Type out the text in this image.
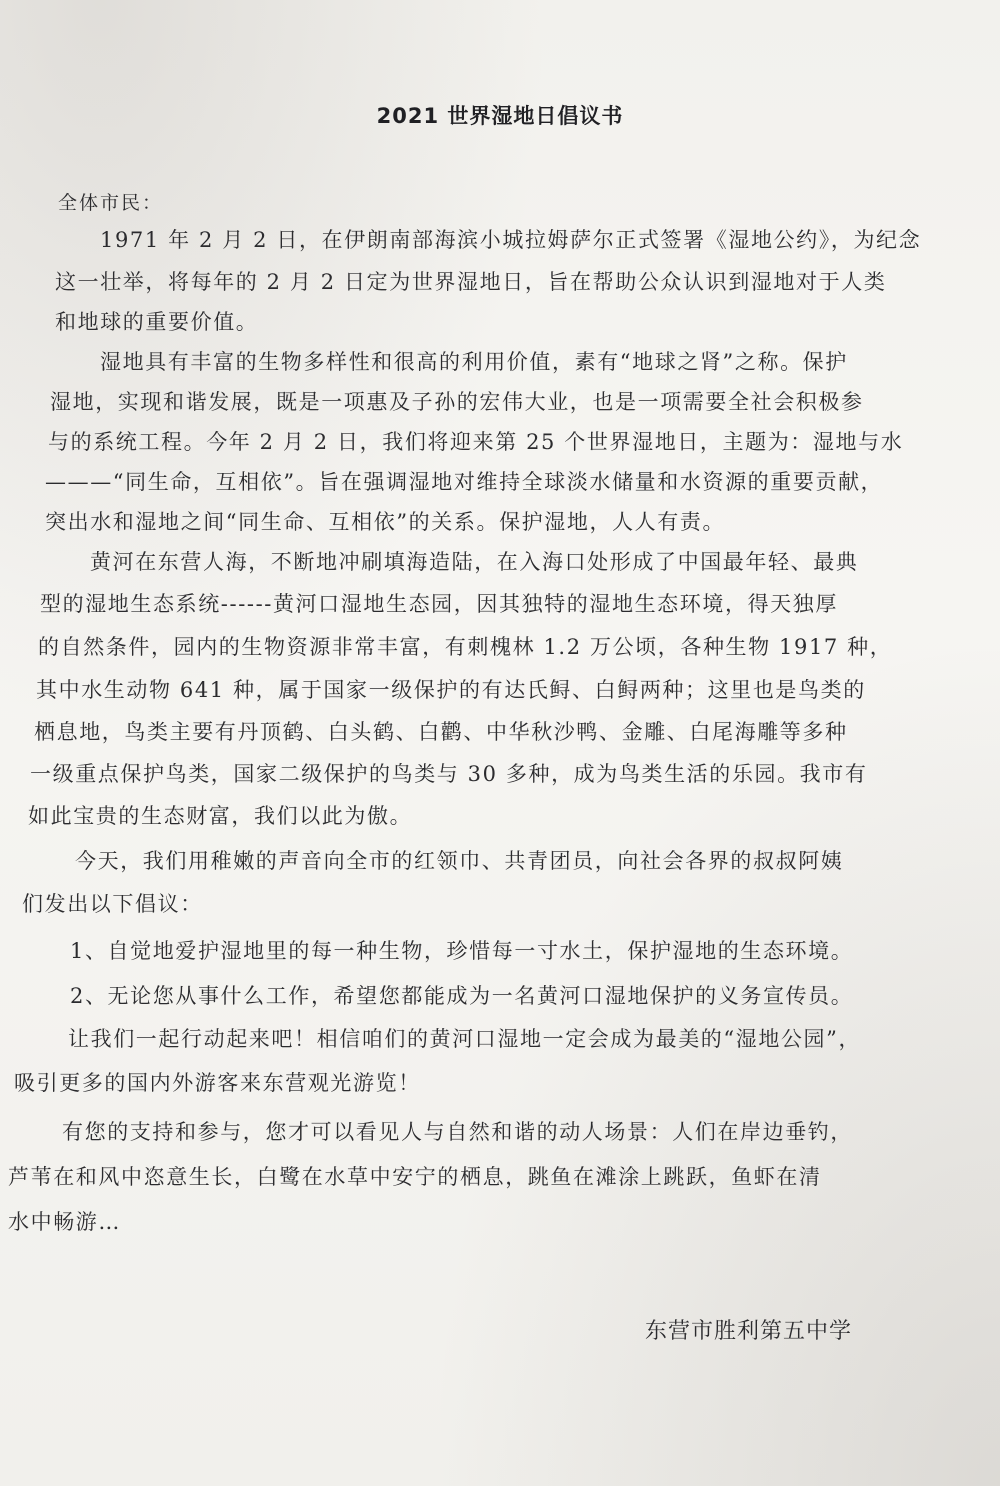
2021 世界湿地日倡议书
全体市民：
1971 年 2 月 2 日，在伊朗南部海滨小城拉姆萨尔正式签署《湿地公约》，为纪念
这一壮举，将每年的 2 月 2 日定为世界湿地日，旨在帮助公众认识到湿地对于人类
和地球的重要价值。
湿地具有丰富的生物多样性和很高的利用价值，素有“地球之肾”之称。保护
湿地，实现和谐发展，既是一项惠及子孙的宏伟大业，也是一项需要全社会积极参
与的系统工程。今年 2 月 2 日，我们将迎来第 25 个世界湿地日，主题为：湿地与水
———“同生命，互相依”。旨在强调湿地对维持全球淡水储量和水资源的重要贡献，
突出水和湿地之间“同生命、互相依”的关系。保护湿地，人人有责。
黄河在东营人海，不断地冲刷填海造陆，在入海口处形成了中国最年轻、最典
型的湿地生态系统------黄河口湿地生态园，因其独特的湿地生态环境，得天独厚
的自然条件，园内的生物资源非常丰富，有刺槐林 1.2 万公顷，各种生物 1917 种，
其中水生动物 641 种，属于国家一级保护的有达氏鲟、白鲟两种；这里也是鸟类的
栖息地，鸟类主要有丹顶鹤、白头鹤、白鹳、中华秋沙鸭、金雕、白尾海雕等多种
一级重点保护鸟类，国家二级保护的鸟类与 30 多种，成为鸟类生活的乐园。我市有
如此宝贵的生态财富，我们以此为傲。
今天，我们用稚嫩的声音向全市的红领巾、共青团员，向社会各界的叔叔阿姨
们发出以下倡议：
1、自觉地爱护湿地里的每一种生物，珍惜每一寸水土，保护湿地的生态环境。
2、无论您从事什么工作，希望您都能成为一名黄河口湿地保护的义务宣传员。
让我们一起行动起来吧！相信咱们的黄河口湿地一定会成为最美的“湿地公园”，
吸引更多的国内外游客来东营观光游览！
有您的支持和参与，您才可以看见人与自然和谐的动人场景：人们在岸边垂钓，
芦苇在和风中恣意生长，白鹭在水草中安宁的栖息，跳鱼在滩涂上跳跃，鱼虾在清
水中畅游…
东营市胜利第五中学
